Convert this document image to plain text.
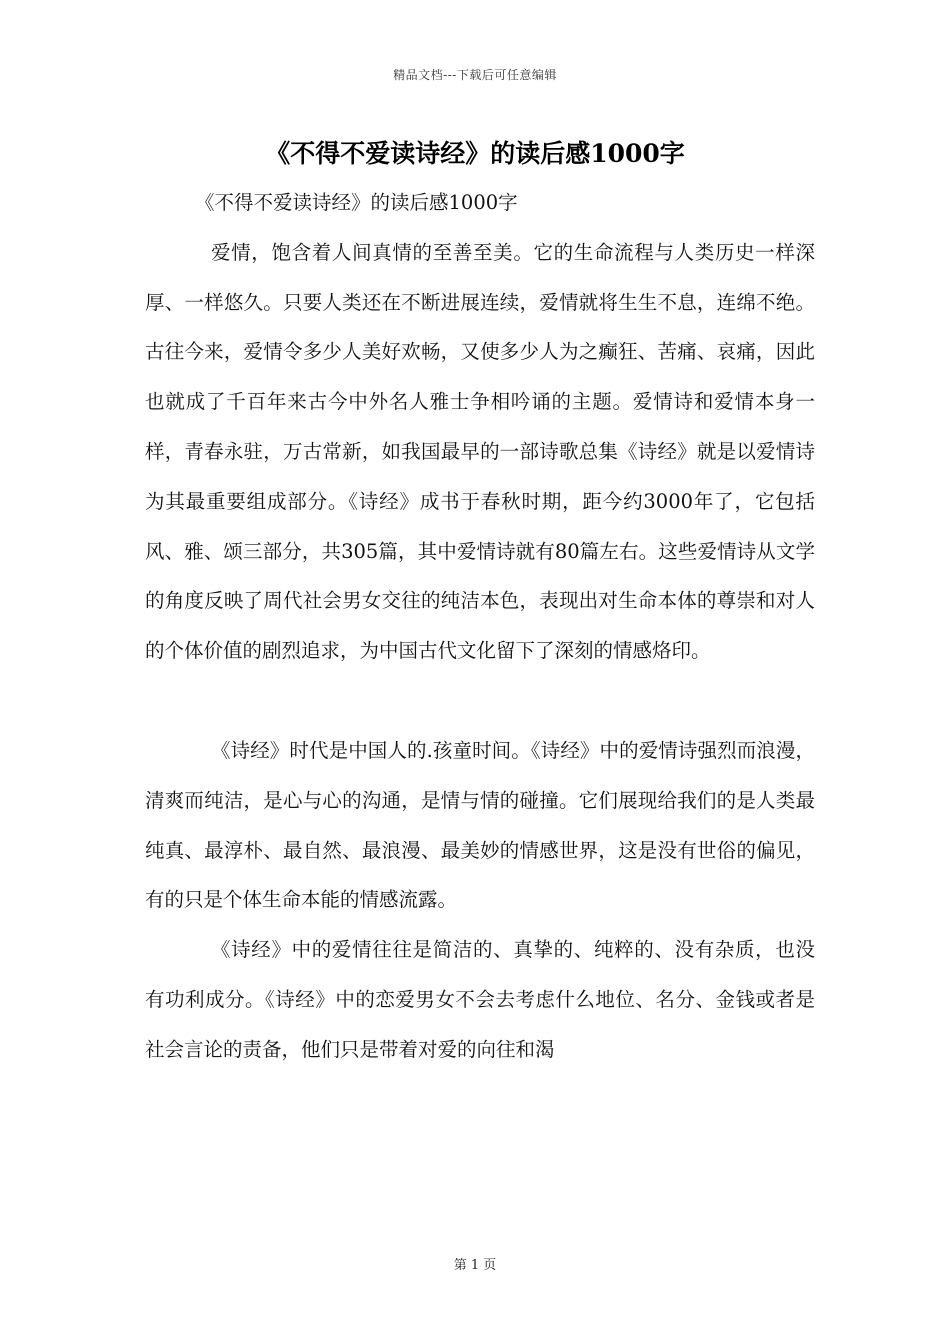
精品文档---下载后可任意编辑
《不得不爱读诗经》的读后感1000字

《不得不爱读诗经》的读后感1000字

爱情，饱含着人间真情的至善至美。它的生命流程与人类历史一样深厚、一样悠久。只要人类还在不断进展连续，爱情就将生生不息，连绵不绝。古往今来，爱情令多少人美好欢畅，又使多少人为之癫狂、苦痛、哀痛，因此也就成了千百年来古今中外名人雅士争相吟诵的主题。爱情诗和爱情本身一样，青春永驻，万古常新，如我国最早的一部诗歌总集《诗经》就是以爱情诗为其最重要组成部分。《诗经》成书于春秋时期，距今约3000年了，它包括风、雅、颂三部分，共305篇，其中爱情诗就有80篇左右。这些爱情诗从文学的角度反映了周代社会男女交往的纯洁本色，表现出对生命本体的尊崇和对人的个体价值的剧烈追求，为中国古代文化留下了深刻的情感烙印。

《诗经》时代是中国人的.孩童时间。《诗经》中的爱情诗强烈而浪漫，清爽而纯洁，是心与心的沟通，是情与情的碰撞。它们展现给我们的是人类最纯真、最淳朴、最自然、最浪漫、最美妙的情感世界，这是没有世俗的偏见，有的只是个体生命本能的情感流露。

《诗经》中的爱情往往是简洁的、真挚的、纯粹的、没有杂质，也没有功利成分。《诗经》中的恋爱男女不会去考虑什么地位、名分、金钱或者是社会言论的责备，他们只是带着对爱的向往和渴

第 1 页
